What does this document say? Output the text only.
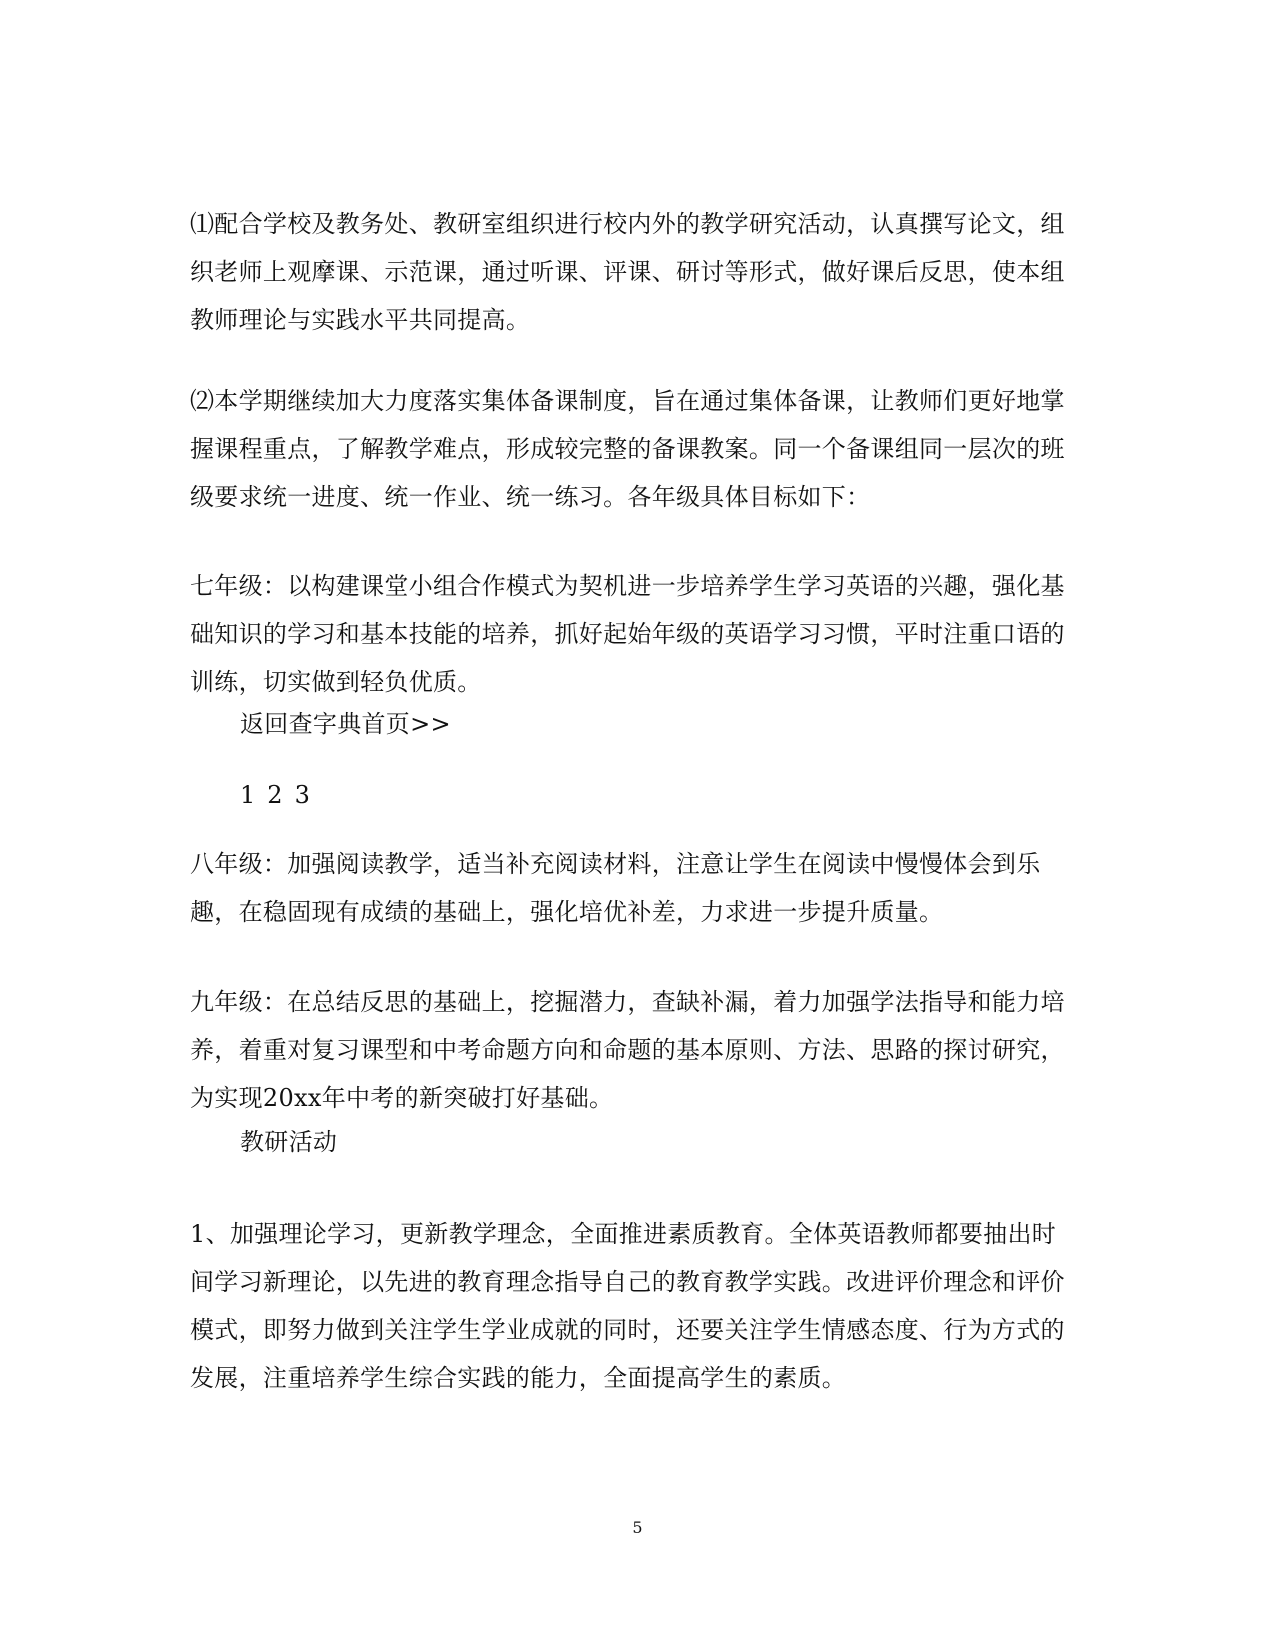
⑴配合学校及教务处、教研室组织进行校内外的教学研究活动，认真撰写论文，组织老师上观摩课、示范课，通过听课、评课、研讨等形式，做好课后反思，使本组教师理论与实践水平共同提高。

⑵本学期继续加大力度落实集体备课制度，旨在通过集体备课，让教师们更好地掌握课程重点，了解教学难点，形成较完整的备课教案。同一个备课组同一层次的班级要求统一进度、统一作业、统一练习。各年级具体目标如下：

七年级：以构建课堂小组合作模式为契机进一步培养学生学习英语的兴趣，强化基础知识的学习和基本技能的培养，抓好起始年级的英语学习习惯，平时注重口语的训练，切实做到轻负优质。

返回查字典首页>>
1 2 3

八年级：加强阅读教学，适当补充阅读材料，注意让学生在阅读中慢慢体会到乐趣，在稳固现有成绩的基础上，强化培优补差，力求进一步提升质量。

九年级：在总结反思的基础上，挖掘潜力，查缺补漏，着力加强学法指导和能力培养，着重对复习课型和中考命题方向和命题的基本原则、方法、思路的探讨研究，为实现20xx年中考的新突破打好基础。

教研活动

1、加强理论学习，更新教学理念，全面推进素质教育。全体英语教师都要抽出时间学习新理论，以先进的教育理念指导自己的教育教学实践。改进评价理念和评价模式，即努力做到关注学生学业成就的同时，还要关注学生情感态度、行为方式的发展，注重培养学生综合实践的能力，全面提高学生的素质。

5
